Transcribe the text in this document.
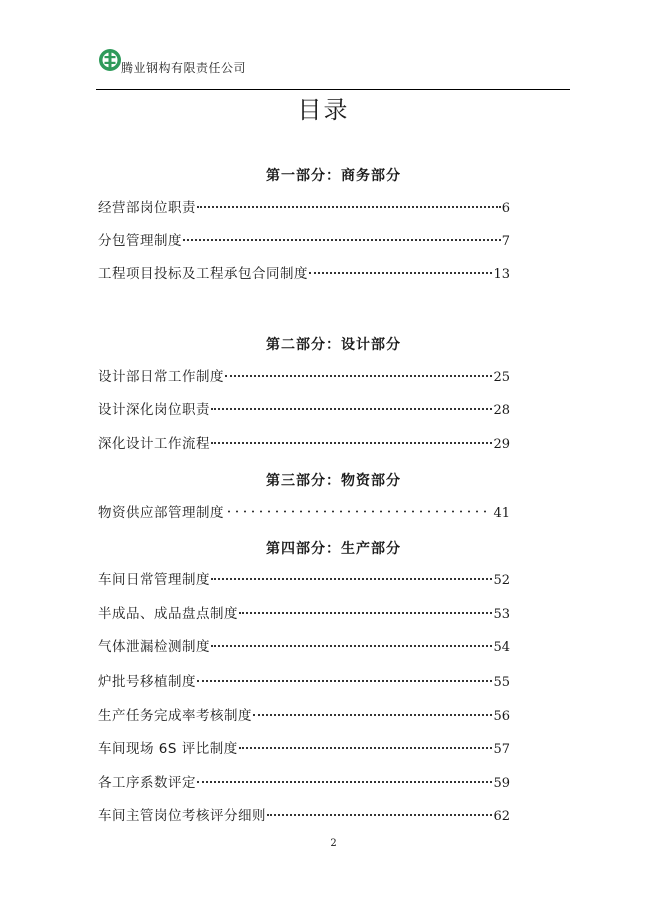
腾业钢构有限责任公司
目录
第一部分：商务部分
经营部岗位职责	6
分包管理制度	7
工程项目投标及工程承包合同制度	13
第二部分：设计部分
设计部日常工作制度	25
设计深化岗位职责	28
深化设计工作流程	29
第三部分：物资部分
物资供应部管理制度	41
第四部分：生产部分
车间日常管理制度	52
半成品、成品盘点制度	53
气体泄漏检测制度	54
炉批号移植制度	55
生产任务完成率考核制度	56
车间现场 6S 评比制度	57
各工序系数评定	59
车间主管岗位考核评分细则	62
2
